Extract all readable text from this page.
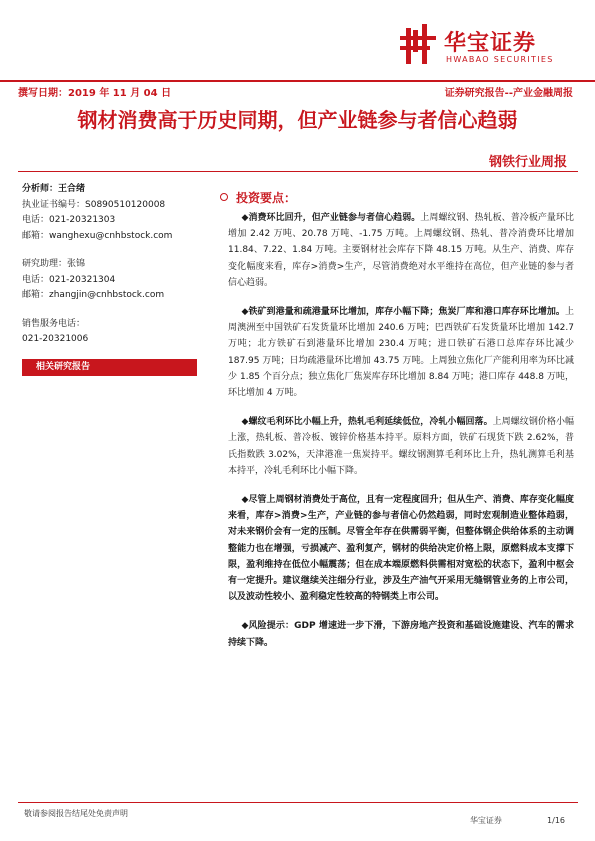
华宝证券
HWABAO SECURITIES
撰写日期：2019 年 11 月 04 日	证券研究报告--产业金融周报
钢材消费高于历史同期，但产业链参与者信心趋弱
钢铁行业周报
分析师：王合绪
执业证书编号：S0890510120008
电话：021-20321303
邮箱：wanghexu@cnhbstock.com
研究助理：张锦
电话：021-20321304
邮箱：zhangjin@cnhbstock.com
销售服务电话：
021-20321006
相关研究报告
投资要点：

◆消费环比回升，但产业链参与者信心趋弱。上周螺纹钢、热轧板、普冷板产量环比增加 2.42 万吨、20.78 万吨、-1.75 万吨。上周螺纹钢、热轧、普冷消费环比增加 11.84、7.22、1.84 万吨。主要钢材社会库存下降 48.15 万吨。从生产、消费、库存变化幅度来看，库存>消费>生产，尽管消费绝对水平维持在高位，但产业链的参与者信心趋弱。

◆铁矿到港量和疏港量环比增加，库存小幅下降；焦炭厂库和港口库存环比增加。上周澳洲至中国铁矿石发货量环比增加 240.6 万吨；巴西铁矿石发货量环比增加 142.7 万吨；北方铁矿石到港量环比增加 230.4 万吨；进口铁矿石港口总库存环比减少 187.95 万吨；日均疏港量环比增加 43.75 万吨。上周独立焦化厂产能利用率为环比减少 1.85 个百分点；独立焦化厂焦炭库存环比增加 8.84 万吨；港口库存 448.8 万吨，环比增加 4 万吨。

◆螺纹毛利环比小幅上升，热轧毛利延续低位，冷轧小幅回落。上周螺纹钢价格小幅上涨，热轧板、普冷板、镀锌价格基本持平。原料方面，铁矿石现货下跌 2.62%，普氏指数跌 3.02%，天津港准一焦炭持平。螺纹钢测算毛利环比上升，热轧测算毛利基本持平，冷轧毛利环比小幅下降。

◆尽管上周钢材消费处于高位，且有一定程度回升；但从生产、消费、库存变化幅度来看，库存>消费>生产，产业链的参与者信心仍然趋弱，同时宏观制造业整体趋弱，对未来钢价会有一定的压制。尽管全年存在供需弱平衡，但整体钢企供给体系的主动调整能力也在增强，亏损减产、盈利复产，钢材的供给决定价格上限，原燃料成本支撑下限，盈利维持在低位小幅震荡；但在成本端原燃料供需相对宽松的状态下，盈利中枢会有一定提升。建议继续关注细分行业，涉及生产油气开采用无缝钢管业务的上市公司，以及波动性较小、盈利稳定性较高的特钢类上市公司。

◆风险提示：GDP 增速进一步下滑，下游房地产投资和基础设施建设、汽车的需求持续下降。

敬请参阅报告结尾处免责声明
华宝证券	1/16
